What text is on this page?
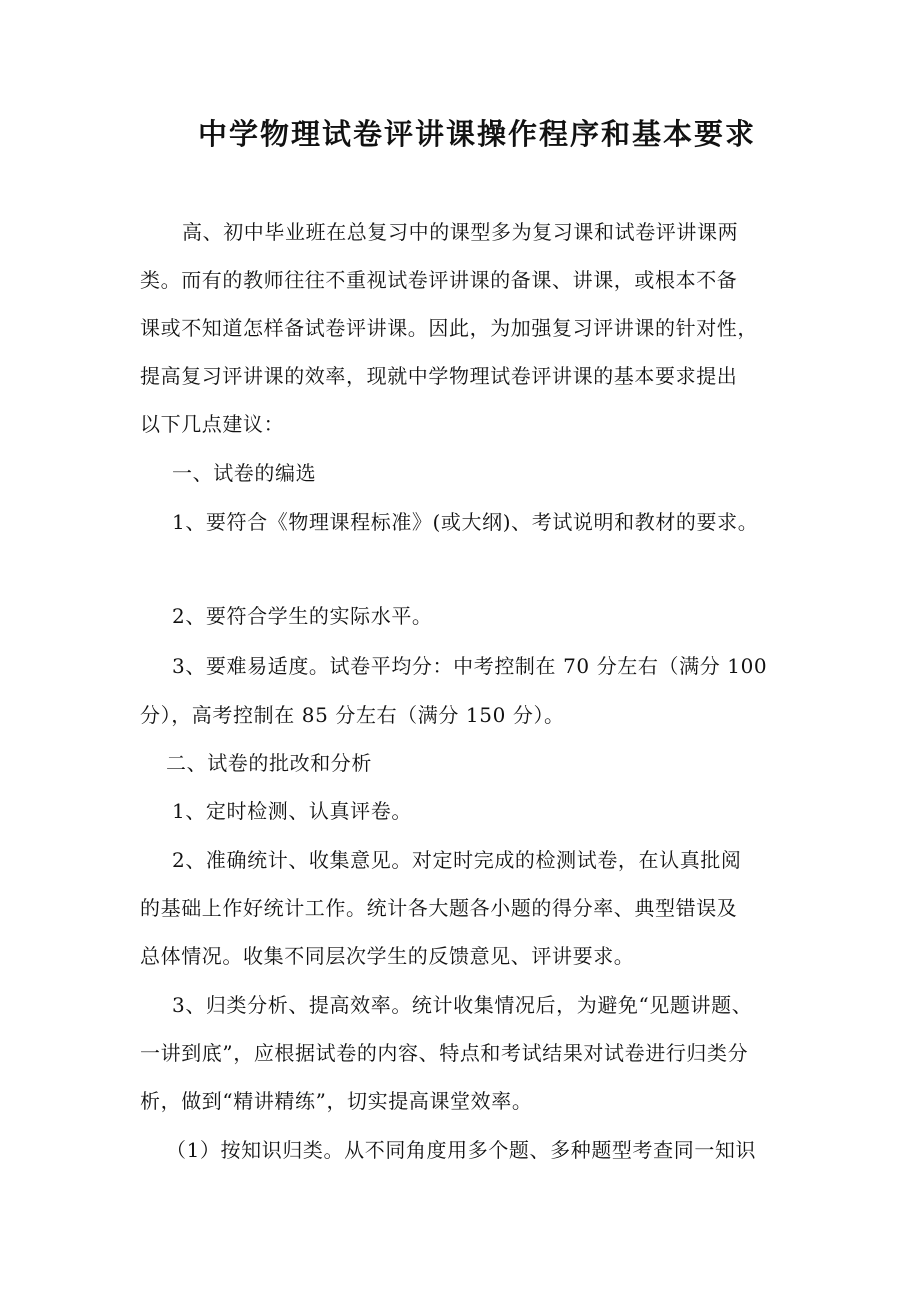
中学物理试卷评讲课操作程序和基本要求

高、初中毕业班在总复习中的课型多为复习课和试卷评讲课两

类。而有的教师往往不重视试卷评讲课的备课、讲课，或根本不备

课或不知道怎样备试卷评讲课。因此，为加强复习评讲课的针对性，

提高复习评讲课的效率，现就中学物理试卷评讲课的基本要求提出

以下几点建议：

一、试卷的编选

1、要符合《物理课程标准》(或大纲)、考试说明和教材的要求。

2、要符合学生的实际水平。

3、要难易适度。试卷平均分：中考控制在 70 分左右（满分 100

分），高考控制在 85 分左右（满分 150 分）。

二、试卷的批改和分析

1、定时检测、认真评卷。

2、准确统计、收集意见。对定时完成的检测试卷，在认真批阅

的基础上作好统计工作。统计各大题各小题的得分率、典型错误及

总体情况。收集不同层次学生的反馈意见、评讲要求。

3、归类分析、提高效率。统计收集情况后，为避免“见题讲题、

一讲到底”，应根据试卷的内容、特点和考试结果对试卷进行归类分

析，做到“精讲精练”，切实提高课堂效率。

（1）按知识归类。从不同角度用多个题、多种题型考查同一知识
